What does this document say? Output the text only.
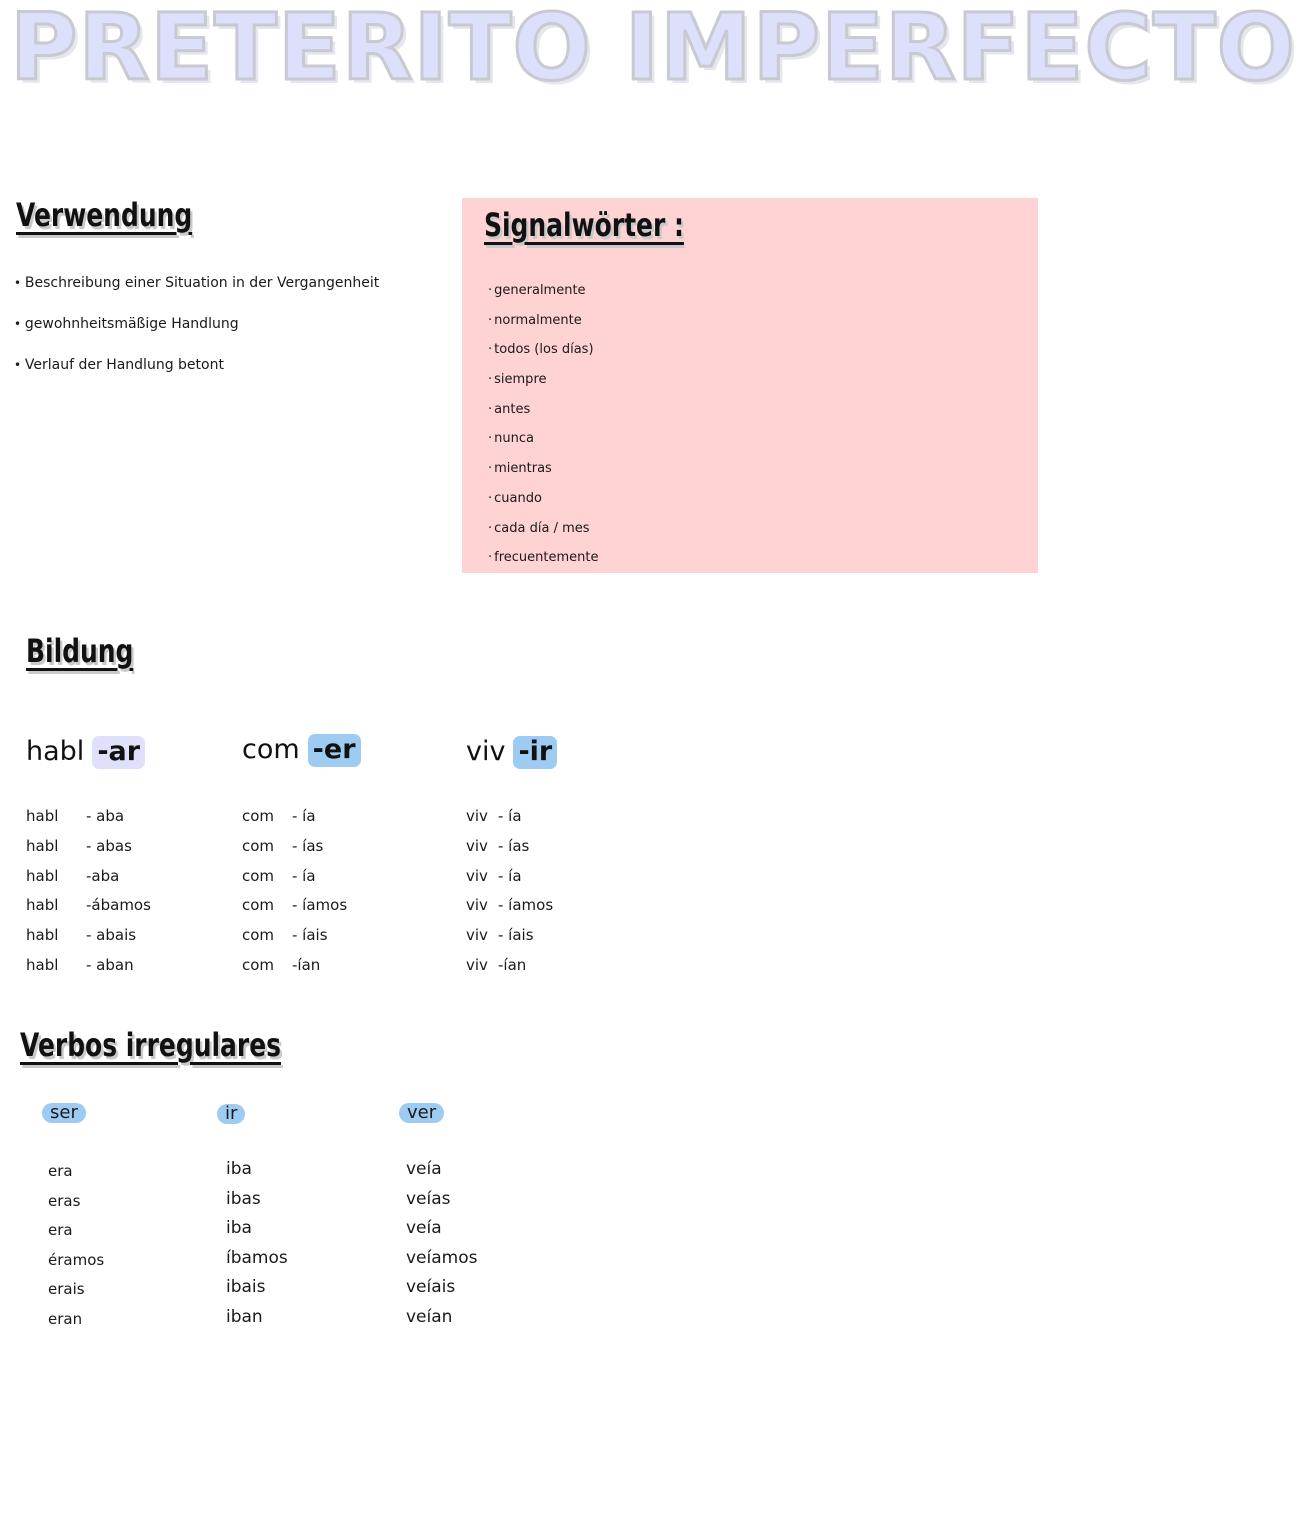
PRETERITO IMPERFECTO
Verwendung
• Beschreibung einer Situation in der Vergangenheit
• gewohnheitsmäßige Handlung
• Verlauf der Handlung betont
Signalwörter :
· generalmente
· normalmente
· todos (los días)
· siempre
· antes
· nunca
· mientras
· cuando
· cada día / mes
· frecuentemente
Bildung
habl -ar
habl - aba
habl - abas
habl -aba
habl -ábamos
habl - abais
habl - aban
com -er
com - ía
com - ías
com - ía
com - íamos
com - íais
com -ían
viv -ir
viv - ía
viv - ías
viv - ía
viv - íamos
viv - íais
viv -ían
Verbos irregulares
ser	ir	ver
era
eras
era
éramos
erais
eran
iba
ibas
iba
íbamos
ibais
iban
veía
veías
veía
veíamos
veíais
veían
